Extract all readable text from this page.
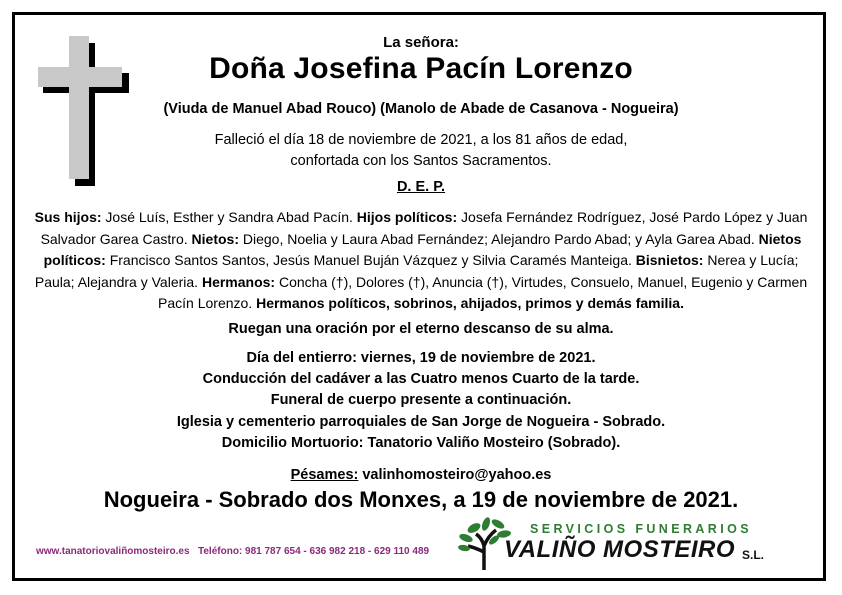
La señora:
Doña Josefina Pacín Lorenzo
(Viuda de Manuel Abad Rouco) (Manolo de Abade de Casanova - Nogueira)
Falleció el día 18 de noviembre de 2021, a los 81 años de edad,
confortada con los Santos Sacramentos.
D. E. P.
Sus hijos: José Luís, Esther y Sandra Abad Pacín. Hijos políticos: Josefa Fernández Rodríguez, José Pardo López y Juan Salvador Garea Castro. Nietos: Diego, Noelia y Laura Abad Fernández; Alejandro Pardo Abad; y Ayla Garea Abad. Nietos políticos: Francisco Santos Santos, Jesús Manuel Buján Vázquez y Silvia Caramés Manteiga. Bisnietos: Nerea y Lucía; Paula; Alejandra y Valeria. Hermanos: Concha (†), Dolores (†), Anuncia (†), Virtudes, Consuelo, Manuel, Eugenio y Carmen Pacín Lorenzo. Hermanos políticos, sobrinos, ahijados, primos y demás familia.
Ruegan una oración por el eterno descanso de su alma.
Día del entierro: viernes, 19 de noviembre de 2021.
Conducción del cadáver a las Cuatro menos Cuarto de la tarde.
Funeral de cuerpo presente a continuación.
Iglesia y cementerio parroquiales de San Jorge de Nogueira - Sobrado.
Domicilio Mortuorio: Tanatorio Valiño Mosteiro (Sobrado).
Pésames: valinhomosteiro@yahoo.es
Nogueira - Sobrado dos Monxes, a 19 de noviembre de 2021.
www.tanatoriovaliñomosteiro.es Teléfono: 981 787 654 - 636 982 218 - 629 110 489
SERVICIOS FUNERARIOS
VALIÑO MOSTEIRO S.L.
